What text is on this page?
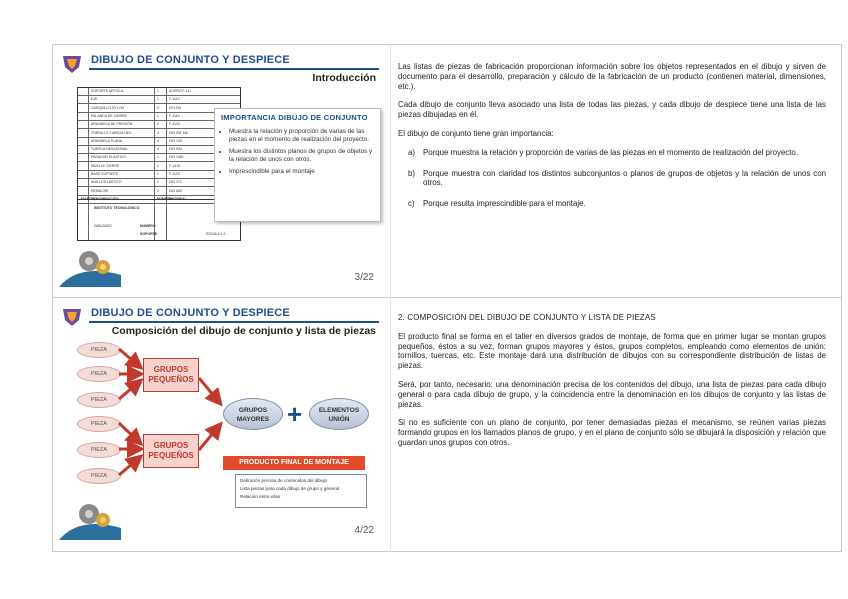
DIBUJO DE CONJUNTO Y DESPIECE
Introducción
SOPORTE ARTICUL.	1	ACERO F-111
EJE	1	F-1110
CASQUILLO NYLON	2	NYLON
PALANCA DE CIERRE	1	F-1110
ARANDELA DE PRESIÓN	2	F-1130
TORNILLO CABEZA HEX.	4	DIN 931 M6
ARANDELA PLANA	4	DIN 125
TUERCA HEXAGONAL	4	DIN 934
PASADOR ELÁSTICO	1	DIN 1481
MUELLE CIERRE	1	F-1410
BASE SOPORTE	1	F-1120
ANILLO ELÁSTICO	2	DIN 471
REMACHE	2	DIN 660
MARCA
DENOMINACIÓN	NÚMERO
MATERIAL
INSTITUTO TECNOLÓGICO
DIBUJADO	NÚMERO
SOPORTE	ESCALA 1:2
IMPORTANCIA DIBUJO DE CONJUNTO
• Muestra la relación y proporción de varias de las piezas en el momento de realización del proyecto.
• Muestra los distintos planos de grupos de objetos y la relación de unos con otros.
• Imprescindible para el montaje
3/22
DIBUJO DE CONJUNTO Y DESPIECE
Composición del dibujo de conjunto y lista de piezas
PIEZA
PIEZA
PIEZA
PIEZA
PIEZA
PIEZA
GRUPOS
PEQUEÑOS
GRUPOS
PEQUEÑOS
GRUPOS
MAYORES +	ELEMENTOS
UNIÓN
PRODUCTO FINAL DE MONTAJE
Definición precisa de contenidos del dibujo
Lista piezas para cada dibujo de grupo y general
Relación entre ellos
4/22

Las listas de piezas de fabricación proporcionan información sobre los objetos representados en el dibujo y sirven de documento para el desarrollo, preparación y cálculo de la fabricación de un producto (contienen material, dimensiones, etc.).

Cada dibujo de conjunto lleva asociado una lista de todas las piezas, y cada dibujo de despiece tiene una lista de las piezas dibujadas en él.

El dibujo de conjunto tiene gran importancia:

a) Porque muestra la relación y proporción de varias de las piezas en el momento de realización del proyecto.
b) Porque muestra con claridad los distintos subconjuntos o planos de grupos de objetos y la relación de unos con otros.
c) Porque resulta imprescindible para el montaje.

2. COMPOSICIÓN DEL DIBUJO DE CONJUNTO Y LISTA DE PIEZAS

El producto final se forma en el taller en diversos grados de montaje, de forma que en primer lugar se montan grupos pequeños, éstos a su vez, forman grupos mayores y éstos, grupos completos, empleando como elementos de unión: tornillos, tuercas, etc. Este montaje dará una distribución de dibujos con su correspondiente distribución de listas de piezas.

Será, por tanto, necesario: una denominación precisa de los contenidos del dibujo, una lista de piezas para cada dibujo general o para cada dibujo de grupo, y la coincidencia entre la denominación en los dibujos de conjunto y las listas de piezas.

Si no es suficiente con un plano de conjunto, por tener demasiadas piezas el mecanismo, se reúnen varias piezas formando grupos en los llamados planos de grupo, y en el plano de conjunto sólo se dibujará la disposición y relación que guardan unos grupos con otros.
